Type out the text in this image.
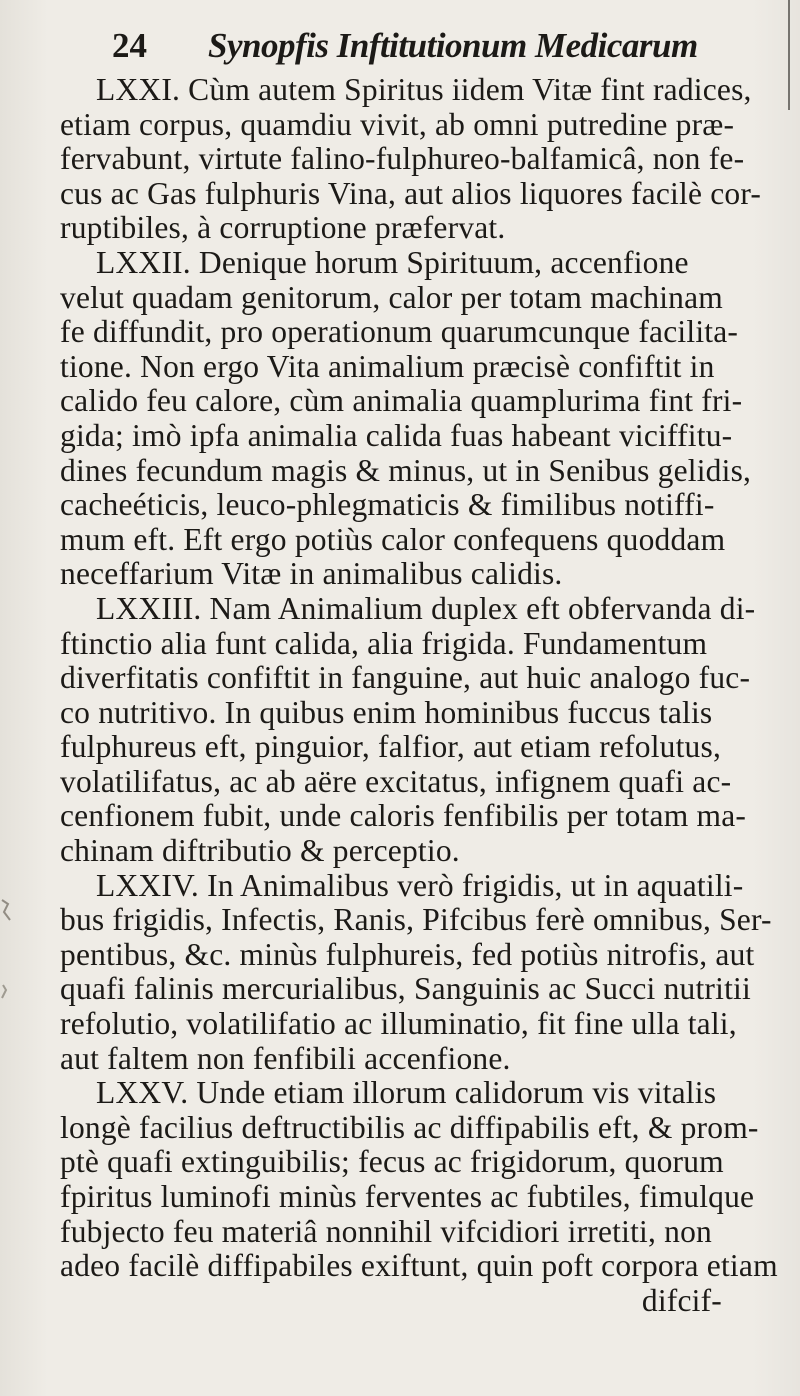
24 Synopfis Inftitutionum Medicarum
LXXI. Cùm autem Spiritus iidem Vitæ fint radices,
etiam corpus, quamdiu vivit, ab omni putredine præ-
fervabunt, virtute falino-fulphureo-balfamicâ, non fe-
cus ac Gas fulphuris Vina, aut alios liquores facilè cor-
ruptibiles, à corruptione præfervat.
LXXII. Denique horum Spirituum, accenfione
velut quadam genitorum, calor per totam machinam
fe diffundit, pro operationum quarumcunque facilita-
tione. Non ergo Vita animalium præcisè confiftit in
calido feu calore, cùm animalia quamplurima fint fri-
gida; imò ipfa animalia calida fuas habeant viciffitu-
dines fecundum magis & minus, ut in Senibus gelidis,
cacheéticis, leuco-phlegmaticis & fimilibus notiffi-
mum eft. Eft ergo potiùs calor confequens quoddam
neceffarium Vitæ in animalibus calidis.
LXXIII. Nam Animalium duplex eft obfervanda di-
ftinctio alia funt calida, alia frigida. Fundamentum
diverfitatis confiftit in fanguine, aut huic analogo fuc-
co nutritivo. In quibus enim hominibus fuccus talis
fulphureus eft, pinguior, falfior, aut etiam refolutus,
volatilifatus, ac ab aëre excitatus, infignem quafi ac-
cenfionem fubit, unde caloris fenfibilis per totam ma-
chinam diftributio & perceptio.
LXXIV. In Animalibus verò frigidis, ut in aquatili-
bus frigidis, Infectis, Ranis, Pifcibus ferè omnibus, Ser-
pentibus, &c. minùs fulphureis, fed potiùs nitrofis, aut
quafi falinis mercurialibus, Sanguinis ac Succi nutritii
refolutio, volatilifatio ac illuminatio, fit fine ulla tali,
aut faltem non fenfibili accenfione.
LXXV. Unde etiam illorum calidorum vis vitalis
longè facilius deftructibilis ac diffipabilis eft, & prom-
ptè quafi extinguibilis; fecus ac frigidorum, quorum
fpiritus luminofi minùs ferventes ac fubtiles, fimulque
fubjecto feu materiâ nonnihil vifcidiori irretiti, non
adeo facilè diffipabiles exiftunt, quin poft corpora etiam
difcif-
